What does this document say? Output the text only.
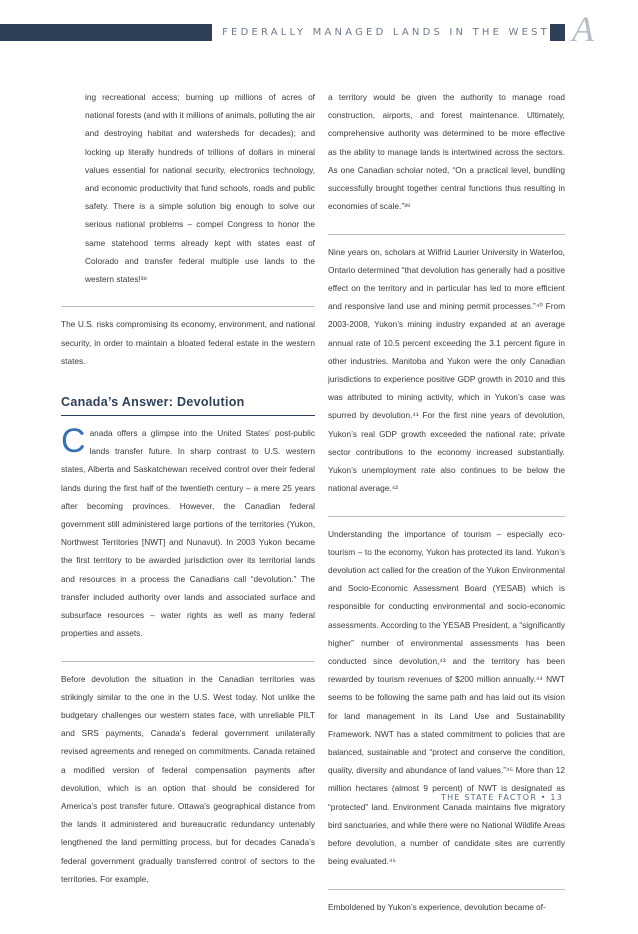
FEDERALLY MANAGED LANDS IN THE WEST A

ing recreational access; burning up millions of acres of national forests (and with it millions of animals, polluting the air and destroying habitat and watersheds for decades); and locking up literally hundreds of trillions of dollars in mineral values essential for national security, electronics technology, and economic productivity that fund schools, roads and public safety. There is a simple solution big enough to solve our serious national problems – compel Congress to honor the same statehood terms already kept with states east of Colorado and transfer federal multiple use lands to the western states!³⁸

The U.S. risks compromising its economy, environment, and national security, in order to maintain a bloated federal estate in the western states.

Canada’s Answer: Devolution

Canada offers a glimpse into the United States’ post-public lands transfer future. In sharp contrast to U.S. western states, Alberta and Saskatchewan received control over their federal lands during the first half of the twentieth century – a mere 25 years after becoming provinces. However, the Canadian federal government still administered large portions of the territories (Yukon, Northwest Territories [NWT] and Nunavut). In 2003 Yukon became the first territory to be awarded jurisdiction over its territorial lands and resources in a process the Canadians call “devolution.” The transfer included authority over lands and associated surface and subsurface resources – water rights as well as many federal properties and assets.

Before devolution the situation in the Canadian territories was strikingly similar to the one in the U.S. West today. Not unlike the budgetary challenges our western states face, with unreliable PILT and SRS payments, Canada’s federal government unilaterally revised agreements and reneged on commitments. Canada retained a modified version of federal compensation payments after devolution, which is an option that should be considered for America’s post transfer future. Ottawa’s geographical distance from the lands it administered and bureaucratic redundancy untenably lengthened the land permitting process, but for decades Canada’s federal government gradually transferred control of sectors to the territories. For example,

a territory would be given the authority to manage road construction, airports, and forest maintenance. Ultimately, comprehensive authority was determined to be more effective as the ability to manage lands is intertwined across the sectors. As one Canadian scholar noted, “On a practical level, bundling successfully brought together central functions thus resulting in economies of scale.”³⁹

Nine years on, scholars at Wilfrid Laurier University in Waterloo, Ontario determined “that devolution has generally had a positive effect on the territory and in particular has led to more efficient and responsive land use and mining permit processes.”⁴⁰ From 2003-2008, Yukon’s mining industry expanded at an average annual rate of 10.5 percent exceeding the 3.1 percent figure in other industries. Manitoba and Yukon were the only Canadian jurisdictions to experience positive GDP growth in 2010 and this was attributed to mining activity, which in Yukon’s case was spurred by devolution.⁴¹ For the first nine years of devolution, Yukon’s real GDP growth exceeded the national rate; private sector contributions to the economy increased substantially. Yukon’s unemployment rate also continues to be below the national average.⁴²

Understanding the importance of tourism – especially eco-tourism – to the economy, Yukon has protected its land. Yukon’s devolution act called for the creation of the Yukon Environmental and Socio-Economic Assessment Board (YESAB) which is responsible for conducting environmental and socio-economic assessments. According to the YESAB President, a “significantly higher” number of environmental assessments has been conducted since devolution,⁴³ and the territory has been rewarded by tourism revenues of $200 million annually.⁴⁴ NWT seems to be following the same path and has laid out its vision for land management in its Land Use and Sustainability Framework. NWT has a stated commitment to policies that are balanced, sustainable and “protect and conserve the condition, quality, diversity and abundance of land values.”⁴⁵ More than 12 million hectares (almost 9 percent) of NWT is designated as “protected” land. Environment Canada maintains five migratory bird sanctuaries, and while there were no National Wildlife Areas before devolution, a number of candidate sites are currently being evaluated.⁴⁶

Emboldened by Yukon’s experience, devolution became of-

THE STATE FACTOR • 13
